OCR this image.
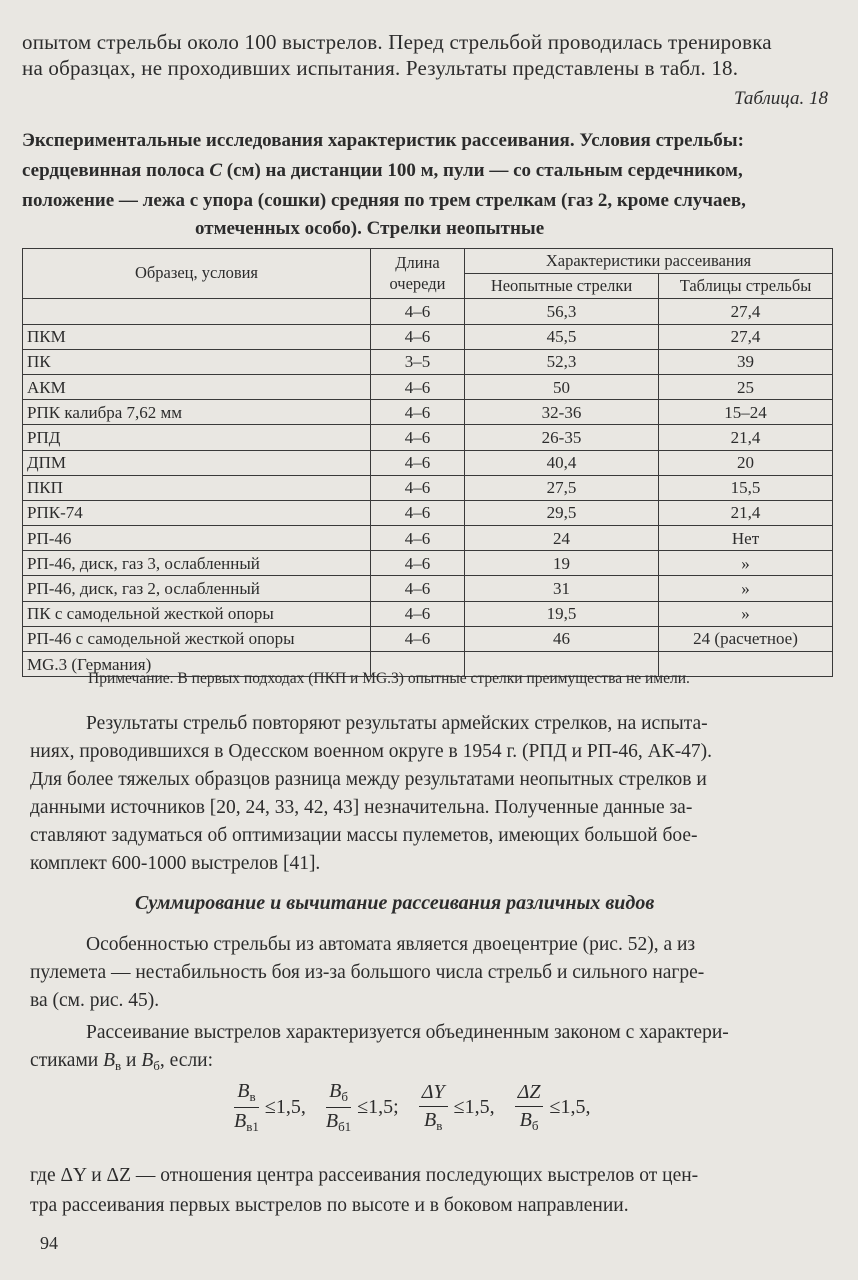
опытом стрельбы около 100 выстрелов. Перед стрельбой проводилась тренировка
на образцах, не проходивших испытания. Результаты представлены в табл. 18.
Таблица. 18
Экспериментальные исследования характеристик рассеивания. Условия стрельбы:
сердцевинная полоса С (см) на дистанции 100 м, пули — со стальным сердечником,
положение — лежа с упора (сошки) средняя по трем стрелкам (газ 2, кроме случаев,
отмеченных особо). Стрелки неопытные
Образец, условия	Длина очереди	Характеристики рассеивания	
		Неопытные стрелки	Таблицы стрельбы
	4–6	56,3	27,4
ПКМ	4–6	45,5	27,4
ПК	3–5	52,3	39
АКМ	4–6	50	25
РПК калибра 7,62 мм	4–6	32-36	15–24
РПД	4–6	26-35	21,4
ДПМ	4–6	40,4	20
ПКП	4–6	27,5	15,5
РПК-74	4–6	29,5	21,4
РП-46	4–6	24	Нет
РП-46, диск, газ 3, ослабленный	4–6	19	»
РП-46, диск, газ 2, ослабленный	4–6	31	»
ПК с самодельной жесткой опоры	4–6	19,5	»
РП-46 с самодельной жесткой опоры	4–6	46	24 (расчетное)
MG.3 (Германия)			
Примечание. В первых подходах (ПКП и MG.3) опытные стрелки преимущества не имели.
Результаты стрельб повторяют результаты армейских стрелков, на испыта-
ниях, проводившихся в Одесском военном округе в 1954 г. (РПД и РП-46, АК-47).
Для более тяжелых образцов разница между результатами неопытных стрелков и
данными источников [20, 24, 33, 42, 43] незначительна. Полученные данные за-
ставляют задуматься об оптимизации массы пулеметов, имеющих большой бое-
комплект 600-1000 выстрелов [41].
Суммирование и вычитание рассеивания различных видов
Особенностью стрельбы из автомата является двоецентрие (рис. 52), а из
пулемета — нестабильность боя из-за большого числа стрельб и сильного нагре-
ва (см. рис. 45).
Рассеивание выстрелов характеризуется объединенным законом с характери-
стиками $В_в$ и $В_б$, если:
$\frac{В_в}{В_{в1}} \le 1,5$, $\frac{В_б}{В_{б1}} \le 1,5$; $\frac{\Delta Y}{В_в} \le 1,5$, $\frac{\Delta Z}{В_б} \le 1,5$,
где ΔY и ΔZ — отношения центра рассеивания последующих выстрелов от цен-
тра рассеивания первых выстрелов по высоте и в боковом направлении.
94
